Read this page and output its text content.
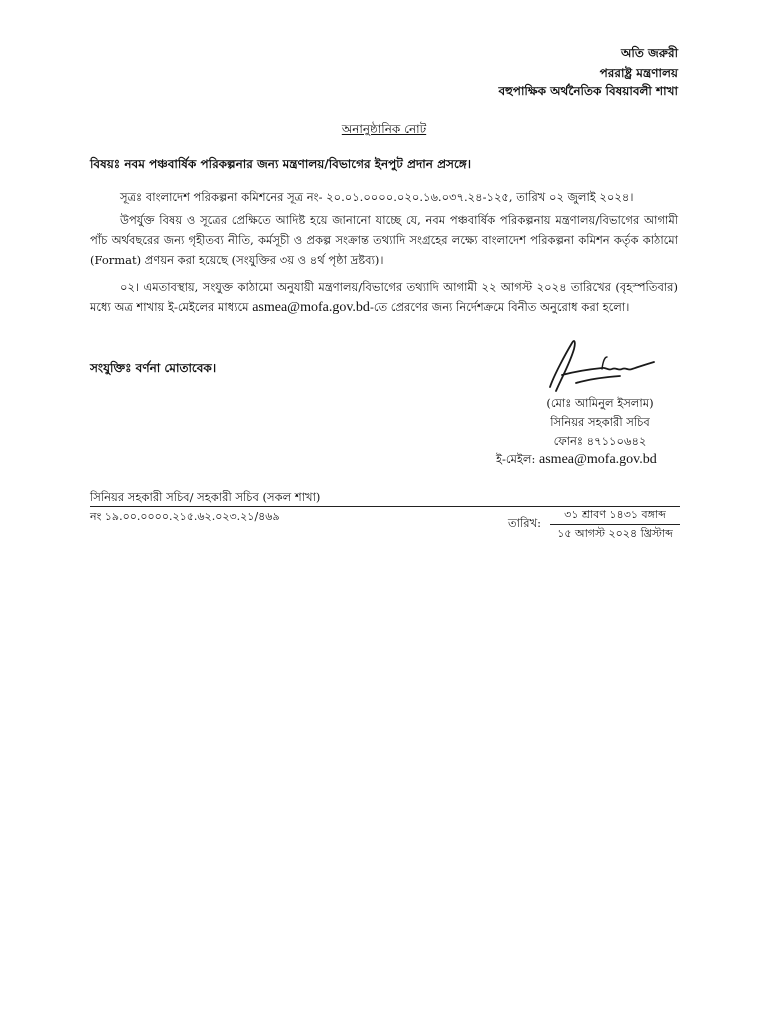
অতি জরুরী
পররাষ্ট্র মন্ত্রণালয়
বহুপাক্ষিক অর্থনৈতিক বিষয়াবলী শাখা
অনানুষ্ঠানিক নোট
বিষয়ঃ নবম পঞ্চবার্ষিক পরিকল্পনার জন্য মন্ত্রণালয়/বিভাগের ইনপুট প্রদান প্রসঙ্গে।
সূত্রঃ বাংলাদেশ পরিকল্পনা কমিশনের সূত্র নং- ২০.০১.০০০০.০২০.১৬.০৩৭.২৪-১২৫, তারিখ ০২ জুলাই ২০২৪।
উপর্যুক্ত বিষয় ও সূত্রের প্রেক্ষিতে আদিষ্ট হয়ে জানানো যাচ্ছে যে, নবম পঞ্চবার্ষিক পরিকল্পনায় মন্ত্রণালয়/বিভাগের আগামী পাঁচ অর্থবছরের জন্য গৃহীতব্য নীতি, কর্মসূচী ও প্রকল্প সংক্রান্ত তথ্যাদি সংগ্রহের লক্ষ্যে বাংলাদেশ পরিকল্পনা কমিশন কর্তৃক কাঠামো (Format) প্রণয়ন করা হয়েছে (সংযুক্তির ৩য় ও ৪র্থ পৃষ্ঠা দ্রষ্টব্য)।
০২। এমতাবস্থায়, সংযুক্ত কাঠামো অনুযায়ী মন্ত্রণালয়/বিভাগের তথ্যাদি আগামী ২২ আগস্ট ২০২৪ তারিখের (বৃহস্পতিবার) মধ্যে অত্র শাখায় ই-মেইলের মাধ্যমে asmea@mofa.gov.bd-তে প্রেরণের জন্য নির্দেশক্রমে বিনীত অনুরোধ করা হলো।
সংযুক্তিঃ বর্ণনা মোতাবেক।
(মোঃ আমিনুল ইসলাম)
সিনিয়র সহকারী সচিব
ফোনঃ ৪৭১১০৬৪২
ই-মেইল: asmea@mofa.gov.bd
সিনিয়র সহকারী সচিব/ সহকারী সচিব (সকল শাখা)
নং ১৯.০০.০০০০.২১৫.৬২.০২৩.২১/৪৬৯	তারিখ:
৩১ শ্রাবণ ১৪৩১ বঙ্গাব্দ
১৫ আগস্ট ২০২৪ খ্রিস্টাব্দ
